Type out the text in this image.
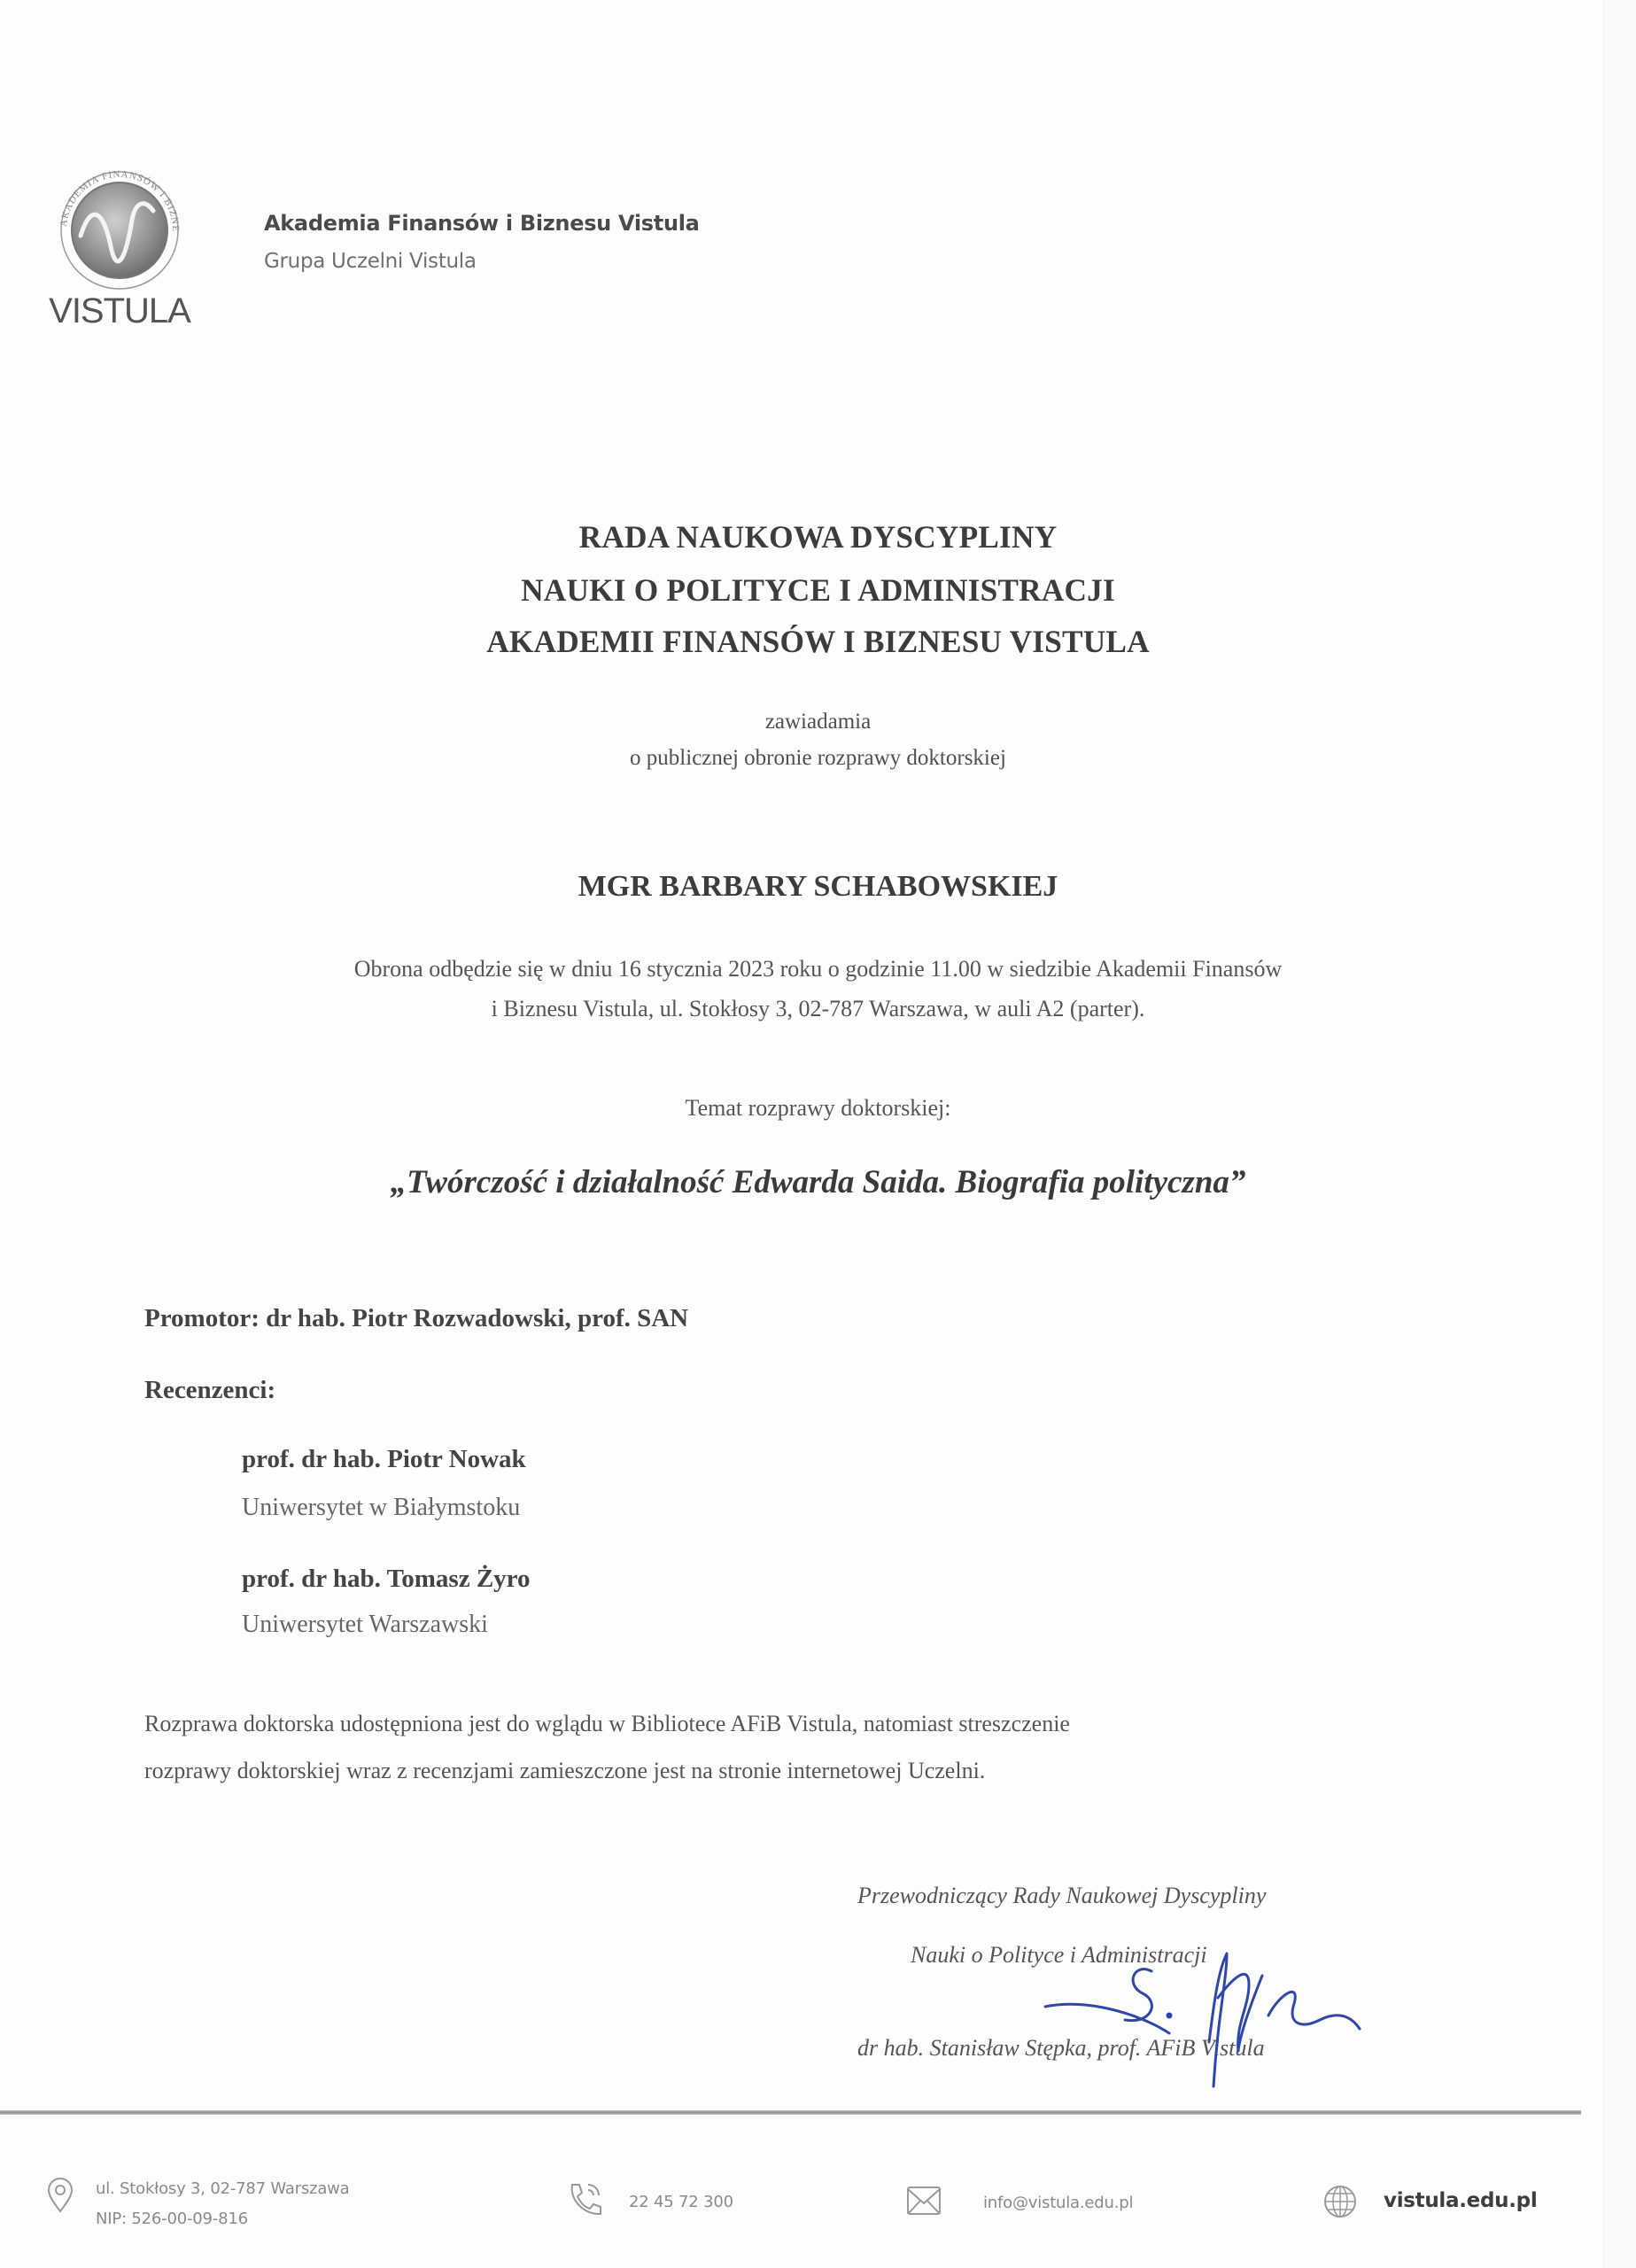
AKADEMIA FINANSÓW I BIZNE
VISTULA
Akademia Finansów i Biznesu Vistula
Grupa Uczelni Vistula
RADA NAUKOWA DYSCYPLINY
NAUKI O POLITYCE I ADMINISTRACJI
AKADEMII FINANSÓW I BIZNESU VISTULA
zawiadamia
o publicznej obronie rozprawy doktorskiej
MGR BARBARY SCHABOWSKIEJ
Obrona odbędzie się w dniu 16 stycznia 2023 roku o godzinie 11.00 w siedzibie Akademii Finansów
i Biznesu Vistula, ul. Stokłosy 3, 02-787 Warszawa, w auli A2 (parter).
Temat rozprawy doktorskiej:
„Twórczość i działalność Edwarda Saida. Biografia polityczna”
Promotor: dr hab. Piotr Rozwadowski, prof. SAN
Recenzenci:
prof. dr hab. Piotr Nowak
Uniwersytet w Białymstoku
prof. dr hab. Tomasz Żyro
Uniwersytet Warszawski
Rozprawa doktorska udostępniona jest do wglądu w Bibliotece AFiB Vistula, natomiast streszczenie
rozprawy doktorskiej wraz z recenzjami zamieszczone jest na stronie internetowej Uczelni.
Przewodniczący Rady Naukowej Dyscypliny
Nauki o Polityce i Administracji
dr hab. Stanisław Stępka, prof. AFiB Vistula
ul. Stokłosy 3, 02-787 Warszawa
NIP: 526-00-09-816
22 45 72 300	info@vistula.edu.pl	vistula.edu.pl
